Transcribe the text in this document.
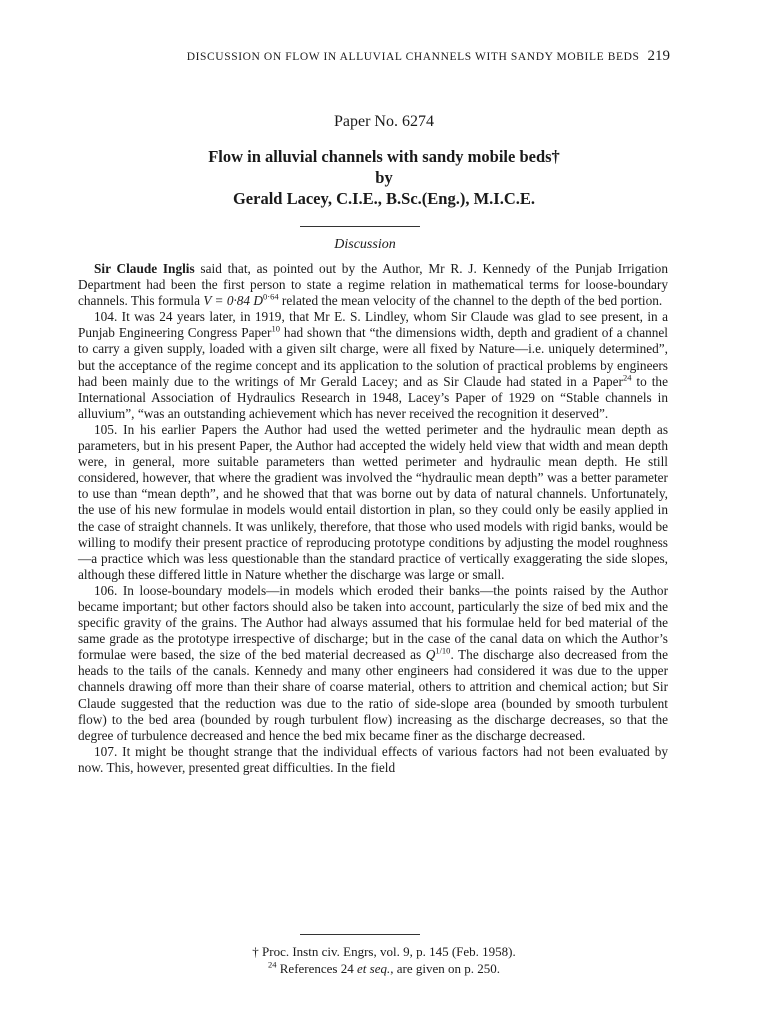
DISCUSSION ON FLOW IN ALLUVIAL CHANNELS WITH SANDY MOBILE BEDS 219
Paper No. 6274
Flow in alluvial channels with sandy mobile beds†
by
Gerald Lacey, C.I.E., B.Sc.(Eng.), M.I.C.E.
Discussion

Sir Claude Inglis said that, as pointed out by the Author, Mr R. J. Kennedy of the Punjab Irrigation Department had been the first person to state a regime relation in mathematical terms for loose-boundary channels. This formula V = 0·84 $D^{0\cdot 64}$ related the mean velocity of the channel to the depth of the bed portion.

104. It was 24 years later, in 1919, that Mr E. S. Lindley, whom Sir Claude was glad to see present, in a Punjab Engineering Congress Paper$^{10}$ had shown that “the dimensions width, depth and gradient of a channel to carry a given supply, loaded with a given silt charge, were all fixed by Nature—i.e. uniquely determined”, but the acceptance of the regime concept and its application to the solution of practical problems by engineers had been mainly due to the writings of Mr Gerald Lacey; and as Sir Claude had stated in a Paper$^{24}$ to the International Association of Hydraulics Research in 1948, Lacey’s Paper of 1929 on “Stable channels in alluvium”, “was an outstanding achievement which has never received the recognition it deserved”.

105. In his earlier Papers the Author had used the wetted perimeter and the hydraulic mean depth as parameters, but in his present Paper, the Author had accepted the widely held view that width and mean depth were, in general, more suitable parameters than wetted perimeter and hydraulic mean depth. He still considered, however, that where the gradient was involved the “hydraulic mean depth” was a better parameter to use than “mean depth”, and he showed that that was borne out by data of natural channels. Unfortunately, the use of his new formulae in models would entail distortion in plan, so they could only be easily applied in the case of straight channels. It was unlikely, therefore, that those who used models with rigid banks, would be willing to modify their present practice of reproducing prototype conditions by adjusting the model roughness—a practice which was less questionable than the standard practice of vertically exaggerating the side slopes, although these differed little in Nature whether the discharge was large or small.

106. In loose-boundary models—in models which eroded their banks—the points raised by the Author became important; but other factors should also be taken into account, particularly the size of bed mix and the specific gravity of the grains. The Author had always assumed that his formulae held for bed material of the same grade as the prototype irrespective of discharge; but in the case of the canal data on which the Author’s formulae were based, the size of the bed material decreased as $Q^{1/10}$. The discharge also decreased from the heads to the tails of the canals. Kennedy and many other engineers had considered it was due to the upper channels drawing off more than their share of coarse material, others to attrition and chemical action; but Sir Claude suggested that the reduction was due to the ratio of side-slope area (bounded by smooth turbulent flow) to the bed area (bounded by rough turbulent flow) increasing as the discharge decreases, so that the degree of turbulence decreased and hence the bed mix became finer as the discharge decreased.

107. It might be thought strange that the individual effects of various factors had not been evaluated by now. This, however, presented great difficulties. In the field

† Proc. Instn civ. Engrs, vol. 9, p. 145 (Feb. 1958).
$^{24}$ References 24 et seq., are given on p. 250.
